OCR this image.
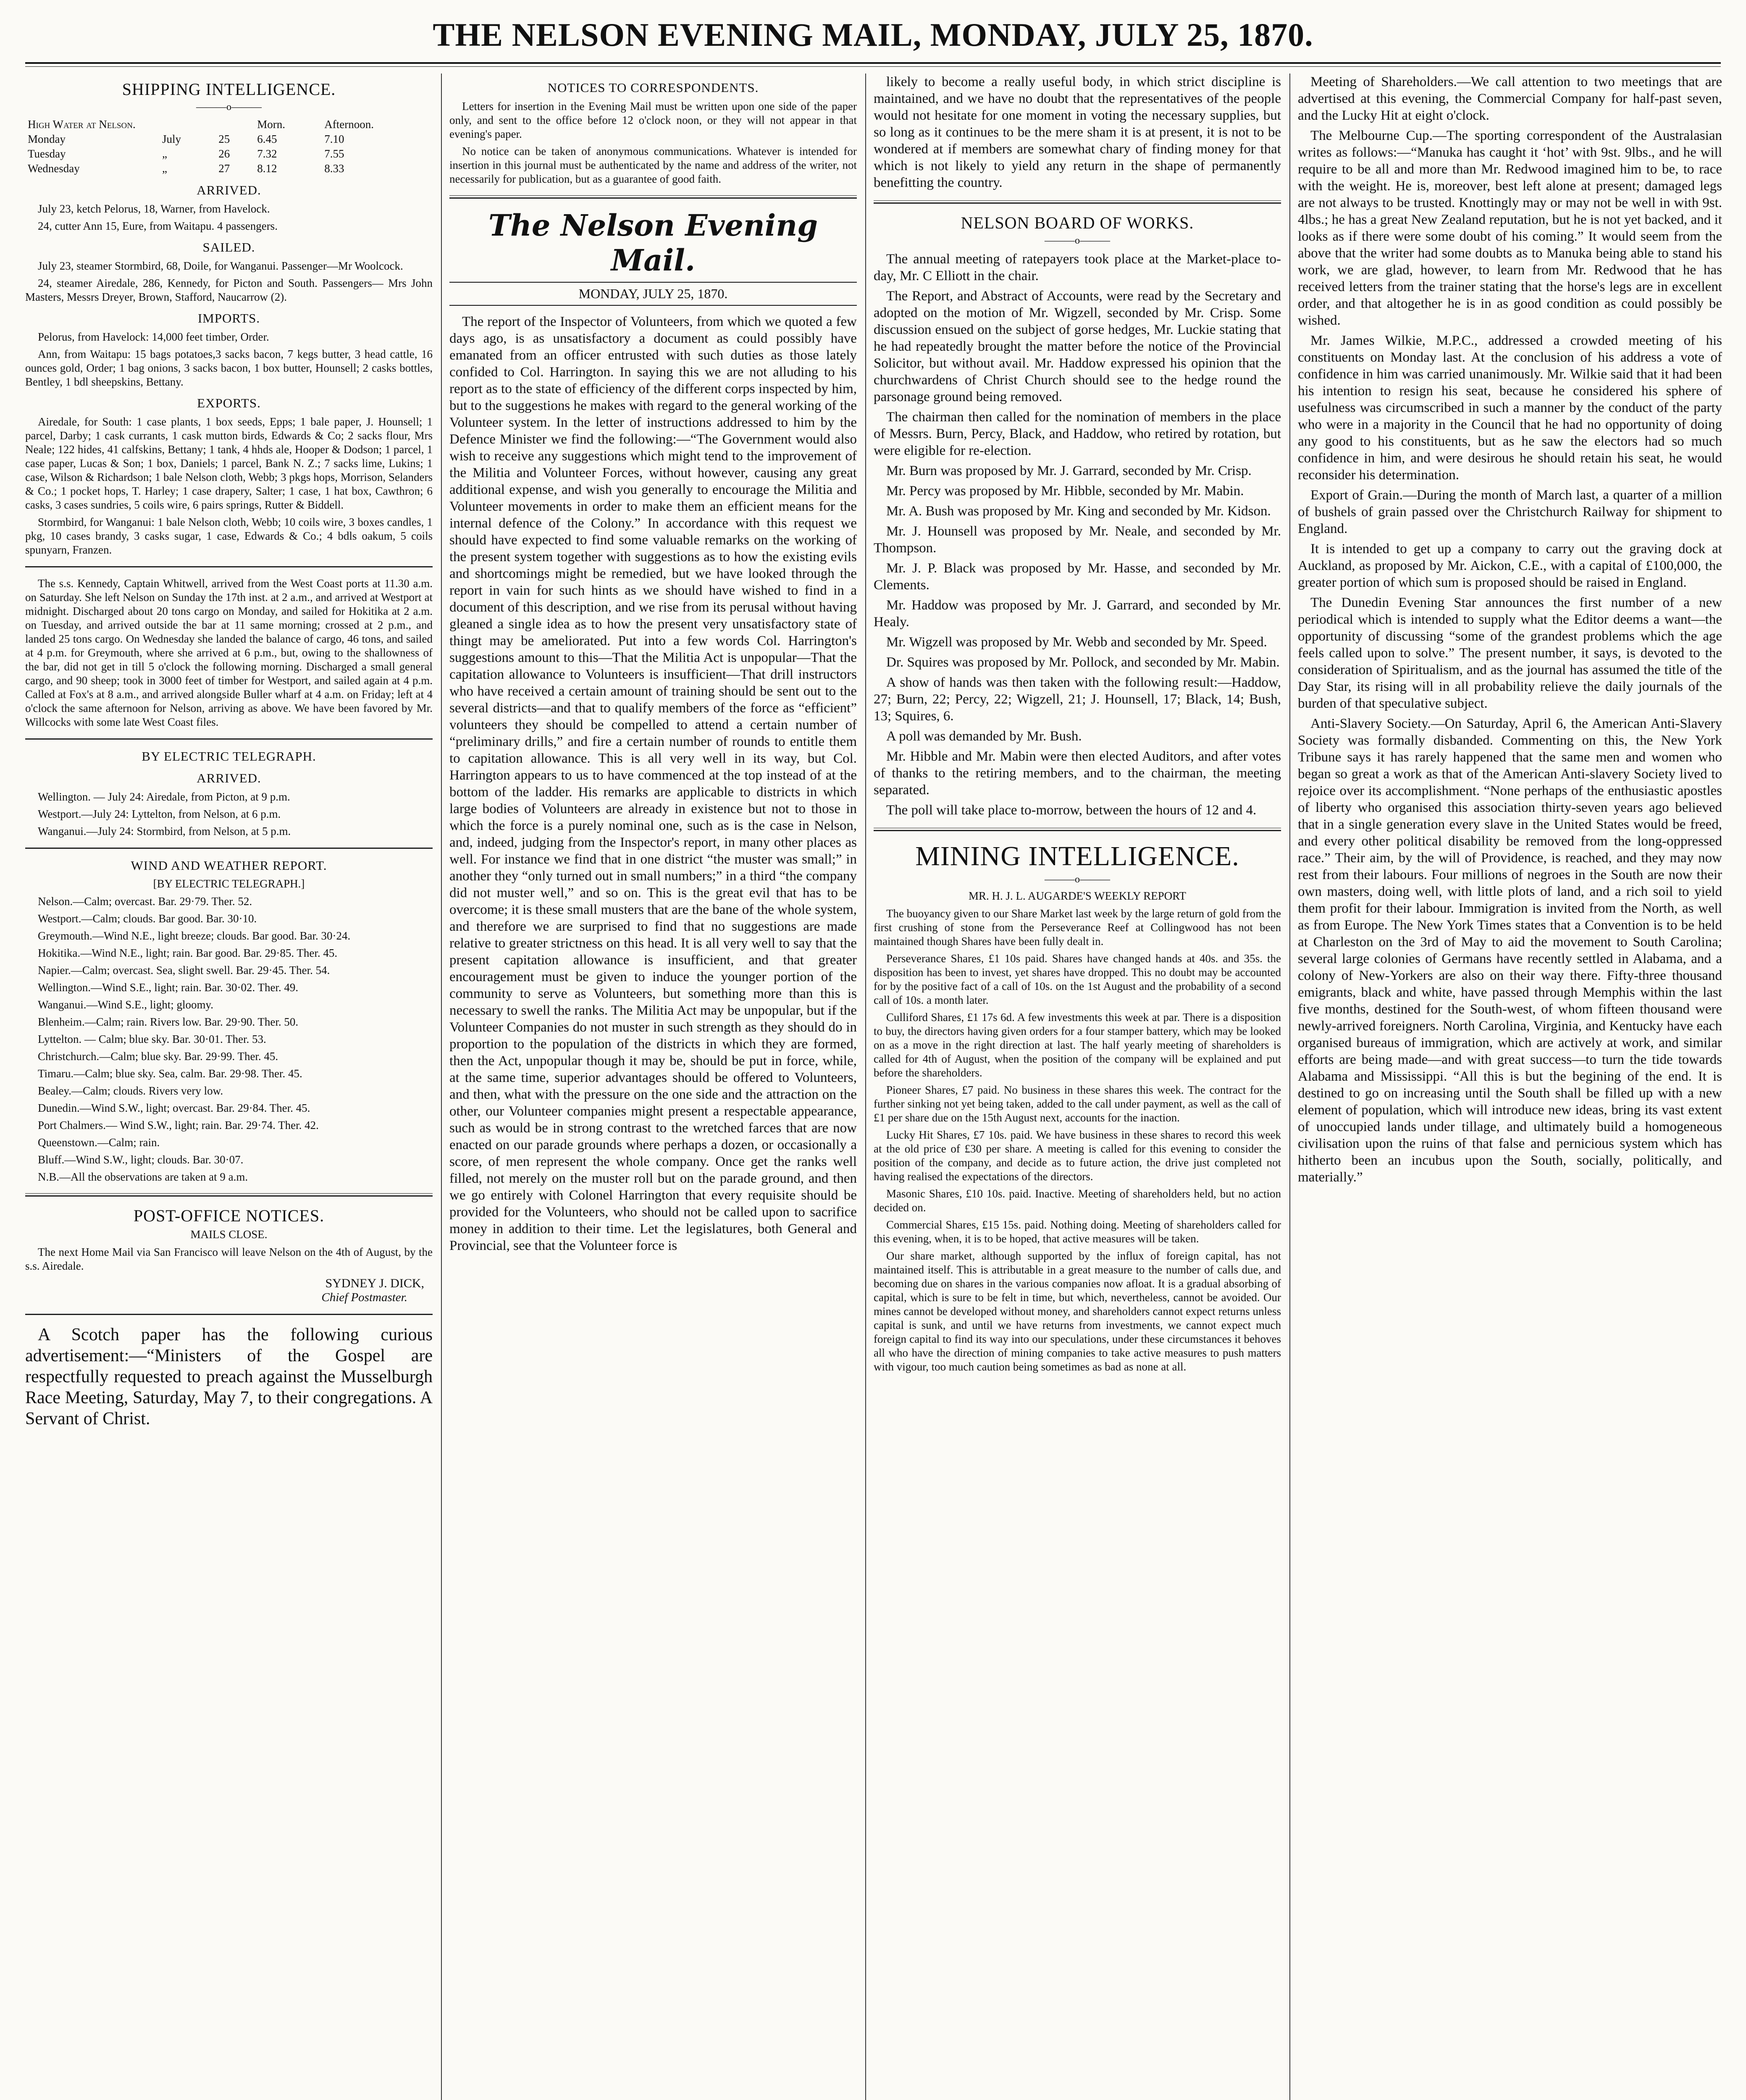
THE NELSON EVENING MAIL, MONDAY, JULY 25, 1870.
SHIPPING INTELLIGENCE.
———o———
High Water at Nelson.			Morn.	Afternoon.
Monday	July	25	6.45	7.10
Tuesday	„	26	7.32	7.55
Wednesday	„	27	8.12	8.33
ARRIVED.

July 23, ketch Pelorus, 18, Warner, from Havelock.

24, cutter Ann 15, Eure, from Waitapu. 4 passengers.

SAILED.

July 23, steamer Stormbird, 68, Doile, for Wanganui. Passenger—Mr Woolcock.

24, steamer Airedale, 286, Kennedy, for Picton and South. Passengers— Mrs John Masters, Messrs Dreyer, Brown, Stafford, Naucarrow (2).

IMPORTS.

Pelorus, from Havelock: 14,000 feet timber, Order.

Ann, from Waitapu: 15 bags potatoes,3 sacks bacon, 7 kegs butter, 3 head cattle, 16 ounces gold, Order; 1 bag onions, 3 sacks bacon, 1 box butter, Hounsell; 2 casks bottles, Bentley, 1 bdl sheepskins, Bettany.

EXPORTS.

Airedale, for South: 1 case plants, 1 box seeds, Epps; 1 bale paper, J. Hounsell; 1 parcel, Darby; 1 cask currants, 1 cask mutton birds, Edwards & Co; 2 sacks flour, Mrs Neale; 122 hides, 41 calfskins, Bettany; 1 tank, 4 hhds ale, Hooper & Dodson; 1 parcel, 1 case paper, Lucas & Son; 1 box, Daniels; 1 parcel, Bank N. Z.; 7 sacks lime, Lukins; 1 case, Wilson & Richardson; 1 bale Nelson cloth, Webb; 3 pkgs hops, Morrison, Selanders & Co.; 1 pocket hops, T. Harley; 1 case drapery, Salter; 1 case, 1 hat box, Cawthron; 6 casks, 3 cases sundries, 5 coils wire, 6 pairs springs, Rutter & Biddell.

Stormbird, for Wanganui: 1 bale Nelson cloth, Webb; 10 coils wire, 3 boxes candles, 1 pkg, 10 cases brandy, 3 casks sugar, 1 case, Edwards & Co.; 4 bdls oakum, 5 coils spunyarn, Franzen.

The s.s. Kennedy, Captain Whitwell, arrived from the West Coast ports at 11.30 a.m. on Saturday. She left Nelson on Sunday the 17th inst. at 2 a.m., and arrived at Westport at midnight. Discharged about 20 tons cargo on Monday, and sailed for Hokitika at 2 a.m. on Tuesday, and arrived outside the bar at 11 same morning; crossed at 2 p.m., and landed 25 tons cargo. On Wednesday she landed the balance of cargo, 46 tons, and sailed at 4 p.m. for Greymouth, where she arrived at 6 p.m., but, owing to the shallowness of the bar, did not get in till 5 o'clock the following morning. Discharged a small general cargo, and 90 sheep; took in 3000 feet of timber for Westport, and sailed again at 4 p.m. Called at Fox's at 8 a.m., and arrived alongside Buller wharf at 4 a.m. on Friday; left at 4 o'clock the same afternoon for Nelson, arriving as above. We have been favored by Mr. Willcocks with some late West Coast files.

BY ELECTRIC TELEGRAPH.
ARRIVED.

Wellington. — July 24: Airedale, from Picton, at 9 p.m.

Westport.—July 24: Lyttelton, from Nelson, at 6 p.m.

Wanganui.—July 24: Stormbird, from Nelson, at 5 p.m.

WIND AND WEATHER REPORT.
[BY ELECTRIC TELEGRAPH.]

Nelson.—Calm; overcast. Bar. 29·79. Ther. 52.

Westport.—Calm; clouds. Bar good. Bar. 30·10.

Greymouth.—Wind N.E., light breeze; clouds. Bar good. Bar. 30·24.

Hokitika.—Wind N.E., light; rain. Bar good. Bar. 29·85. Ther. 45.

Napier.—Calm; overcast. Sea, slight swell. Bar. 29·45. Ther. 54.

Wellington.—Wind S.E., light; rain. Bar. 30·02. Ther. 49.

Wanganui.—Wind S.E., light; gloomy.

Blenheim.—Calm; rain. Rivers low. Bar. 29·90. Ther. 50.

Lyttelton. — Calm; blue sky. Bar. 30·01. Ther. 53.

Christchurch.—Calm; blue sky. Bar. 29·99. Ther. 45.

Timaru.—Calm; blue sky. Sea, calm. Bar. 29·98. Ther. 45.

Bealey.—Calm; clouds. Rivers very low.

Dunedin.—Wind S.W., light; overcast. Bar. 29·84. Ther. 45.

Port Chalmers.— Wind S.W., light; rain. Bar. 29·74. Ther. 42.

Queenstown.—Calm; rain.

Bluff.—Wind S.W., light; clouds. Bar. 30·07.

N.B.—All the observations are taken at 9 a.m.

POST-OFFICE NOTICES.
MAILS CLOSE.

The next Home Mail via San Francisco will leave Nelson on the 4th of August, by the s.s. Airedale.

SYDNEY J. DICK,
Chief Postmaster.

A Scotch paper has the following curious advertisement:—“Ministers of the Gospel are respectfully requested to preach against the Musselburgh Race Meeting, Saturday, May 7, to their congregations. A Servant of Christ.

NOTICES TO CORRESPONDENTS.

Letters for insertion in the Evening Mail must be written upon one side of the paper only, and sent to the office before 12 o'clock noon, or they will not appear in that evening's paper.

No notice can be taken of anonymous communications. Whatever is intended for insertion in this journal must be authenticated by the name and address of the writer, not necessarily for publication, but as a guarantee of good faith.

The Nelson Evening Mail.
MONDAY, JULY 25, 1870.

The report of the Inspector of Volunteers, from which we quoted a few days ago, is as unsatisfactory a document as could possibly have emanated from an officer entrusted with such duties as those lately confided to Col. Harrington. In saying this we are not alluding to his report as to the state of efficiency of the different corps inspected by him, but to the suggestions he makes with regard to the general working of the Volunteer system. In the letter of instructions addressed to him by the Defence Minister we find the following:—“The Government would also wish to receive any suggestions which might tend to the improvement of the Militia and Volunteer Forces, without however, causing any great additional expense, and wish you generally to encourage the Militia and Volunteer movements in order to make them an efficient means for the internal defence of the Colony.” In accordance with this request we should have expected to find some valuable remarks on the working of the present system together with suggestions as to how the existing evils and shortcomings might be remedied, but we have looked through the report in vain for such hints as we should have wished to find in a document of this description, and we rise from its perusal without having gleaned a single idea as to how the present very unsatisfactory state of thingt may be ameliorated. Put into a few words Col. Harrington's suggestions amount to this—That the Militia Act is unpopular—That the capitation allowance to Volunteers is insufficient—That drill instructors who have received a certain amount of training should be sent out to the several districts—and that to qualify members of the force as “efficient” volunteers they should be compelled to attend a certain number of “preliminary drills,” and fire a certain number of rounds to entitle them to capitation allowance. This is all very well in its way, but Col. Harrington appears to us to have commenced at the top instead of at the bottom of the ladder. His remarks are applicable to districts in which large bodies of Volunteers are already in existence but not to those in which the force is a purely nominal one, such as is the case in Nelson, and, indeed, judging from the Inspector's report, in many other places as well. For instance we find that in one district “the muster was small;” in another they “only turned out in small numbers;” in a third “the company did not muster well,” and so on. This is the great evil that has to be overcome; it is these small musters that are the bane of the whole system, and therefore we are surprised to find that no suggestions are made relative to greater strictness on this head. It is all very well to say that the present capitation allowance is insufficient, and that greater encouragement must be given to induce the younger portion of the community to serve as Volunteers, but something more than this is necessary to swell the ranks. The Militia Act may be unpopular, but if the Volunteer Companies do not muster in such strength as they should do in proportion to the population of the districts in which they are formed, then the Act, unpopular though it may be, should be put in force, while, at the same time, superior advantages should be offered to Volunteers, and then, what with the pressure on the one side and the attraction on the other, our Volunteer companies might present a respectable appearance, such as would be in strong contrast to the wretched farces that are now enacted on our parade grounds where perhaps a dozen, or occasionally a score, of men represent the whole company. Once get the ranks well filled, not merely on the muster roll but on the parade ground, and then we go entirely with Colonel Harrington that every requisite should be provided for the Volunteers, who should not be called upon to sacrifice money in addition to their time. Let the legislatures, both General and Provincial, see that the Volunteer force is

likely to become a really useful body, in which strict discipline is maintained, and we have no doubt that the representatives of the people would not hesitate for one moment in voting the necessary supplies, but so long as it continues to be the mere sham it is at present, it is not to be wondered at if members are somewhat chary of finding money for that which is not likely to yield any return in the shape of permanently benefitting the country.

NELSON BOARD OF WORKS.
———o———

The annual meeting of ratepayers took place at the Market-place to-day, Mr. C Elliott in the chair.

The Report, and Abstract of Accounts, were read by the Secretary and adopted on the motion of Mr. Wigzell, seconded by Mr. Crisp. Some discussion ensued on the subject of gorse hedges, Mr. Luckie stating that he had repeatedly brought the matter before the notice of the Provincial Solicitor, but without avail. Mr. Haddow expressed his opinion that the churchwardens of Christ Church should see to the hedge round the parsonage ground being removed.

The chairman then called for the nomination of members in the place of Messrs. Burn, Percy, Black, and Haddow, who retired by rotation, but were eligible for re-election.

Mr. Burn was proposed by Mr. J. Garrard, seconded by Mr. Crisp.

Mr. Percy was proposed by Mr. Hibble, seconded by Mr. Mabin.

Mr. A. Bush was proposed by Mr. King and seconded by Mr. Kidson.

Mr. J. Hounsell was proposed by Mr. Neale, and seconded by Mr. Thompson.

Mr. J. P. Black was proposed by Mr. Hasse, and seconded by Mr. Clements.

Mr. Haddow was proposed by Mr. J. Garrard, and seconded by Mr. Healy.

Mr. Wigzell was proposed by Mr. Webb and seconded by Mr. Speed.

Dr. Squires was proposed by Mr. Pollock, and seconded by Mr. Mabin.

A show of hands was then taken with the following result:—Haddow, 27; Burn, 22; Percy, 22; Wigzell, 21; J. Hounsell, 17; Black, 14; Bush, 13; Squires, 6.

A poll was demanded by Mr. Bush.

Mr. Hibble and Mr. Mabin were then elected Auditors, and after votes of thanks to the retiring members, and to the chairman, the meeting separated.

The poll will take place to-morrow, between the hours of 12 and 4.

MINING INTELLIGENCE.
———o———
MR. H. J. L. AUGARDE'S WEEKLY REPORT

The buoyancy given to our Share Market last week by the large return of gold from the first crushing of stone from the Perseverance Reef at Collingwood has not been maintained though Shares have been fully dealt in.

Perseverance Shares, £1 10s paid. Shares have changed hands at 40s. and 35s. the disposition has been to invest, yet shares have dropped. This no doubt may be accounted for by the positive fact of a call of 10s. on the 1st August and the probability of a second call of 10s. a month later.

Culliford Shares, £1 17s 6d. A few investments this week at par. There is a disposition to buy, the directors having given orders for a four stamper battery, which may be looked on as a move in the right direction at last. The half yearly meeting of shareholders is called for 4th of August, when the position of the company will be explained and put before the shareholders.

Pioneer Shares, £7 paid. No business in these shares this week. The contract for the further sinking not yet being taken, added to the call under payment, as well as the call of £1 per share due on the 15th August next, accounts for the inaction.

Lucky Hit Shares, £7 10s. paid. We have business in these shares to record this week at the old price of £30 per share. A meeting is called for this evening to consider the position of the company, and decide as to future action, the drive just completed not having realised the expectations of the directors.

Masonic Shares, £10 10s. paid. Inactive. Meeting of shareholders held, but no action decided on.

Commercial Shares, £15 15s. paid. Nothing doing. Meeting of shareholders called for this evening, when, it is to be hoped, that active measures will be taken.

Our share market, although supported by the influx of foreign capital, has not maintained itself. This is attributable in a great measure to the number of calls due, and becoming due on shares in the various companies now afloat. It is a gradual absorbing of capital, which is sure to be felt in time, but which, nevertheless, cannot be avoided. Our mines cannot be developed without money, and shareholders cannot expect returns unless capital is sunk, and until we have returns from investments, we cannot expect much foreign capital to find its way into our speculations, under these circumstances it behoves all who have the direction of mining companies to take active measures to push matters with vigour, too much caution being sometimes as bad as none at all.

Meeting of Shareholders.—We call attention to two meetings that are advertised at this evening, the Commercial Company for half-past seven, and the Lucky Hit at eight o'clock.

The Melbourne Cup.—The sporting correspondent of the Australasian writes as follows:—“Manuka has caught it ‘hot’ with 9st. 9lbs., and he will require to be all and more than Mr. Redwood imagined him to be, to race with the weight. He is, moreover, best left alone at present; damaged legs are not always to be trusted. Knottingly may or may not be well in with 9st. 4lbs.; he has a great New Zealand reputation, but he is not yet backed, and it looks as if there were some doubt of his coming.” It would seem from the above that the writer had some doubts as to Manuka being able to stand his work, we are glad, however, to learn from Mr. Redwood that he has received letters from the trainer stating that the horse's legs are in excellent order, and that altogether he is in as good condition as could possibly be wished.

Mr. James Wilkie, M.P.C., addressed a crowded meeting of his constituents on Monday last. At the conclusion of his address a vote of confidence in him was carried unanimously. Mr. Wilkie said that it had been his intention to resign his seat, because he considered his sphere of usefulness was circumscribed in such a manner by the conduct of the party who were in a majority in the Council that he had no opportunity of doing any good to his constituents, but as he saw the electors had so much confidence in him, and were desirous he should retain his seat, he would reconsider his determination.

Export of Grain.—During the month of March last, a quarter of a million of bushels of grain passed over the Christchurch Railway for shipment to England.

It is intended to get up a company to carry out the graving dock at Auckland, as proposed by Mr. Aickon, C.E., with a capital of £100,000, the greater portion of which sum is proposed should be raised in England.

The Dunedin Evening Star announces the first number of a new periodical which is intended to supply what the Editor deems a want—the opportunity of discussing “some of the grandest problems which the age feels called upon to solve.” The present number, it says, is devoted to the consideration of Spiritualism, and as the journal has assumed the title of the Day Star, its rising will in all probability relieve the daily journals of the burden of that speculative subject.

Anti-Slavery Society.—On Saturday, April 6, the American Anti-Slavery Society was formally disbanded. Commenting on this, the New York Tribune says it has rarely happened that the same men and women who began so great a work as that of the American Anti-slavery Society lived to rejoice over its accomplishment. “None perhaps of the enthusiastic apostles of liberty who organised this association thirty-seven years ago believed that in a single generation every slave in the United States would be freed, and every other political disability be removed from the long-oppressed race.” Their aim, by the will of Providence, is reached, and they may now rest from their labours. Four millions of negroes in the South are now their own masters, doing well, with little plots of land, and a rich soil to yield them profit for their labour. Immigration is invited from the North, as well as from Europe. The New York Times states that a Convention is to be held at Charleston on the 3rd of May to aid the movement to South Carolina; several large colonies of Germans have recently settled in Alabama, and a colony of New-Yorkers are also on their way there. Fifty-three thousand emigrants, black and white, have passed through Memphis within the last five months, destined for the South-west, of whom fifteen thousand were newly-arrived foreigners. North Carolina, Virginia, and Kentucky have each organised bureaus of immigration, which are actively at work, and similar efforts are being made—and with great success—to turn the tide towards Alabama and Mississippi. “All this is but the begining of the end. It is destined to go on increasing until the South shall be filled up with a new element of population, which will introduce new ideas, bring its vast extent of unoccupied lands under tillage, and ultimately build a homogeneous civilisation upon the ruins of that false and pernicious system which has hitherto been an incubus upon the South, socially, politically, and materially.”
